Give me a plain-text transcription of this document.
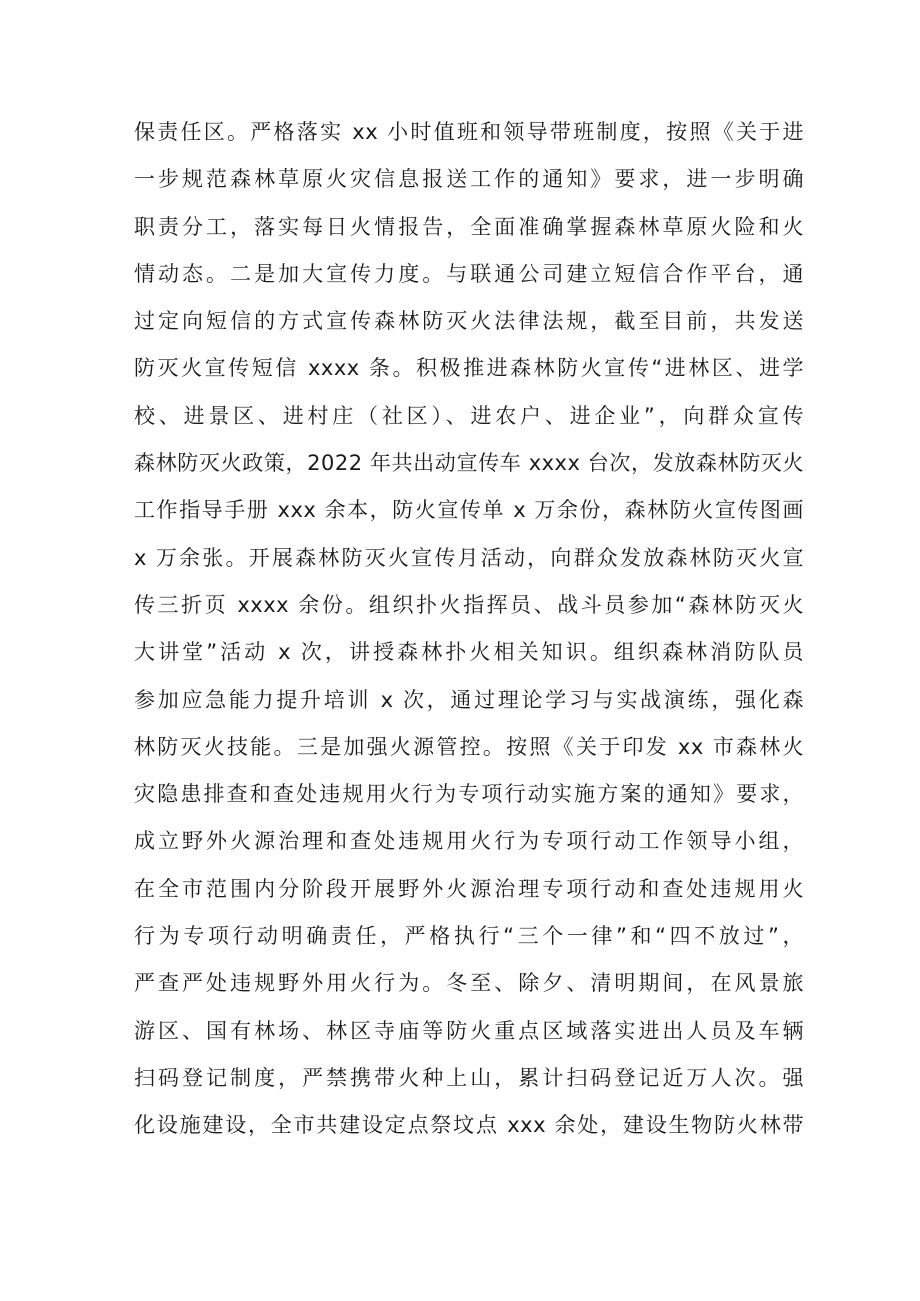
保责任区。严格落实 xx 小时值班和领导带班制度，按照《关于进
一步规范森林草原火灾信息报送工作的通知》要求，进一步明确
职责分工，落实每日火情报告，全面准确掌握森林草原火险和火
情动态。二是加大宣传力度。与联通公司建立短信合作平台，通
过定向短信的方式宣传森林防灭火法律法规，截至目前，共发送
防灭火宣传短信 xxxx 条。积极推进森林防火宣传“进林区、进学
校、进景区、进村庄（社区）、进农户、进企业”，向群众宣传
森林防灭火政策，2022 年共出动宣传车 xxxx 台次，发放森林防灭火
工作指导手册 xxx 余本，防火宣传单 x 万余份，森林防火宣传图画
x 万余张。开展森林防灭火宣传月活动，向群众发放森林防灭火宣
传三折页 xxxx 余份。组织扑火指挥员、战斗员参加“森林防灭火
大讲堂”活动 x 次，讲授森林扑火相关知识。组织森林消防队员
参加应急能力提升培训 x 次，通过理论学习与实战演练，强化森
林防灭火技能。三是加强火源管控。按照《关于印发 xx 市森林火
灾隐患排查和查处违规用火行为专项行动实施方案的通知》要求，
成立野外火源治理和查处违规用火行为专项行动工作领导小组，
在全市范围内分阶段开展野外火源治理专项行动和查处违规用火
行为专项行动明确责任，严格执行“三个一律”和“四不放过”，
严查严处违规野外用火行为。冬至、除夕、清明期间，在风景旅
游区、国有林场、林区寺庙等防火重点区域落实进出人员及车辆
扫码登记制度，严禁携带火种上山，累计扫码登记近万人次。强
化设施建设，全市共建设定点祭坟点 xxx 余处，建设生物防火林带
